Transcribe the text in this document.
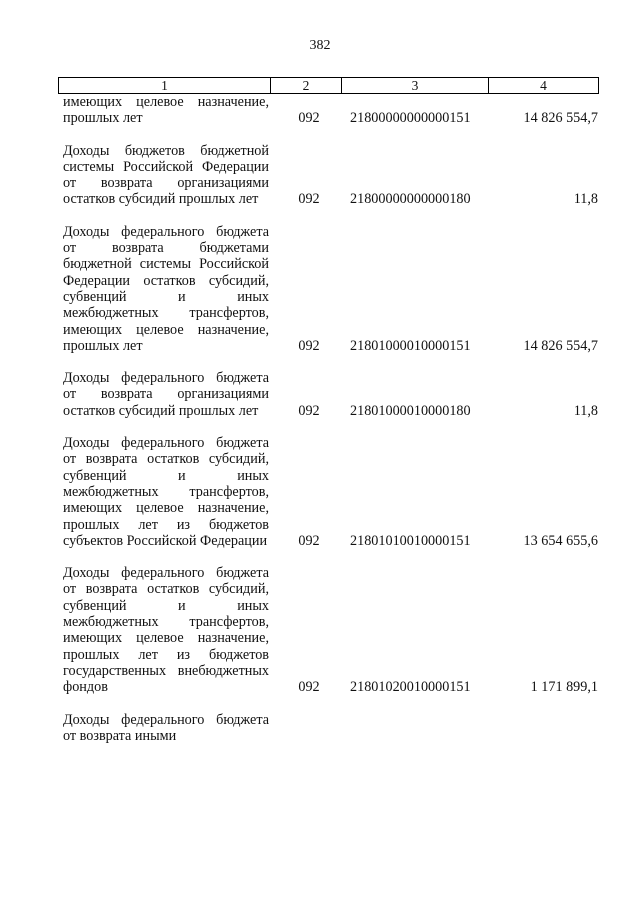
382
1	2	3	4
имеющих целевое назначение, прошлых лет	092	21800000000000151	14 826 554,7
Доходы бюджетов бюджетной системы Российской Федерации от возврата организациями остатков субсидий прошлых лет	092	21800000000000180	11,8
Доходы федерального бюджета от возврата бюджетами бюджетной системы Российской Федерации остатков субсидий, субвенций и иных межбюджетных трансфертов, имеющих целевое назначение, прошлых лет	092	21801000010000151	14 826 554,7
Доходы федерального бюджета от возврата организациями остатков субсидий прошлых лет	092	21801000010000180	11,8
Доходы федерального бюджета от возврата остатков субсидий, субвенций и иных межбюджетных трансфертов, имеющих целевое назначение, прошлых лет из бюджетов субъектов Российской Федерации	092	21801010010000151	13 654 655,6
Доходы федерального бюджета от возврата остатков субсидий, субвенций и иных межбюджетных трансфертов, имеющих целевое назначение, прошлых лет из бюджетов государственных внебюджетных фондов	092	21801020010000151	1 171 899,1
Доходы федерального бюджета от возврата иными
